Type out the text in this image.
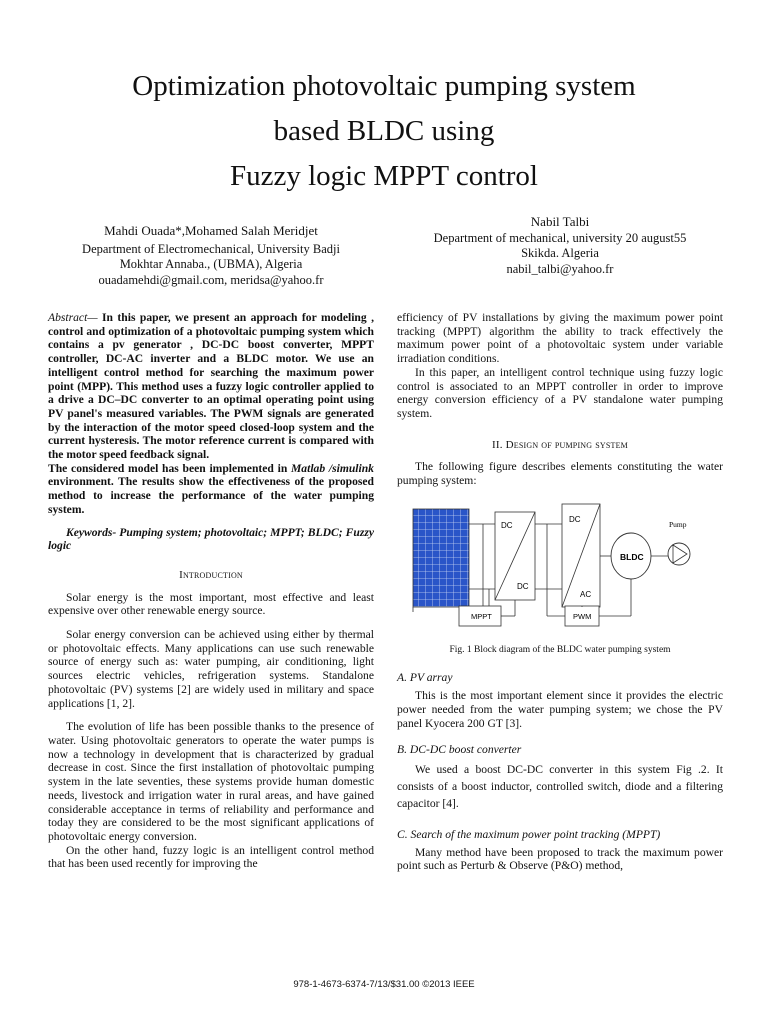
Optimization photovoltaic pumping system
based BLDC using
Fuzzy logic MPPT control
Mahdi Ouada*,Mohamed Salah Meridjet
Department of Electromechanical, University Badji
Mokhtar Annaba., (UBMA), Algeria
ouadamehdi@gmail.com, meridsa@yahoo.fr
Nabil Talbi
Department of mechanical, university 20 august55
Skikda. Algeria
nabil_talbi@yahoo.fr

Abstract— In this paper, we present an approach for modeling , control and optimization of a photovoltaic pumping system which contains a pv generator , DC-DC boost converter, MPPT controller, DC-AC inverter and a BLDC motor. We use an intelligent control method for searching the maximum power point (MPP). This method uses a fuzzy logic controller applied to a drive a DC–DC converter to an optimal operating point using PV panel's measured variables. The PWM signals are generated by the interaction of the motor speed closed-loop system and the current hysteresis. The motor reference current is compared with the motor speed feedback signal.
The considered model has been implemented in Matlab /simulink environment. The results show the effectiveness of the proposed method to increase the performance of the water pumping system.

Keywords- Pumping system; photovoltaic; MPPT; BLDC; Fuzzy logic

Introduction

Solar energy is the most important, most effective and least expensive over other renewable energy source.

Solar energy conversion can be achieved using either by thermal or photovoltaic effects. Many applications can use such renewable source of energy such as: water pumping, air conditioning, light sources electric vehicles, refrigeration systems. Standalone photovoltaic (PV) systems [2] are widely used in military and space applications [1, 2].

The evolution of life has been possible thanks to the presence of water. Using photovoltaic generators to operate the water pumps is now a technology in development that is characterized by gradual decrease in cost. Since the first installation of photovoltaic pumping system in the late seventies, these systems provide human domestic needs, livestock and irrigation water in rural areas, and have gained considerable acceptance in terms of reliability and performance and today they are considered to be the most significant applications of photovoltaic energy conversion.

On the other hand, fuzzy logic is an intelligent control method that has been used recently for improving the

efficiency of PV installations by giving the maximum power point tracking (MPPT) algorithm the ability to track effectively the maximum power point of a photovoltaic system under variable irradiation conditions.

In this paper, an intelligent control technique using fuzzy logic control is associated to an MPPT controller in order to improve energy conversion efficiency of a PV standalone water pumping system.

II. Design of pumping system

The following figure describes elements constituting the water pumping system:

DC
DC
DC
AC
BLDC
Pump
MPPT	PWM

Fig. 1 Block diagram of the BLDC water pumping system

A. PV array

This is the most important element since it provides the electric power needed from the water pumping system; we chose the PV panel Kyocera 200 GT [3].

B. DC-DC boost converter

We used a boost DC-DC converter in this system Fig .2. It consists of a boost inductor, controlled switch, diode and a filtering capacitor [4].

C. Search of the maximum power point tracking (MPPT)

Many method have been proposed to track the maximum power point such as Perturb & Observe (P&O) method,

978-1-4673-6374-7/13/$31.00 ©2013 IEEE
